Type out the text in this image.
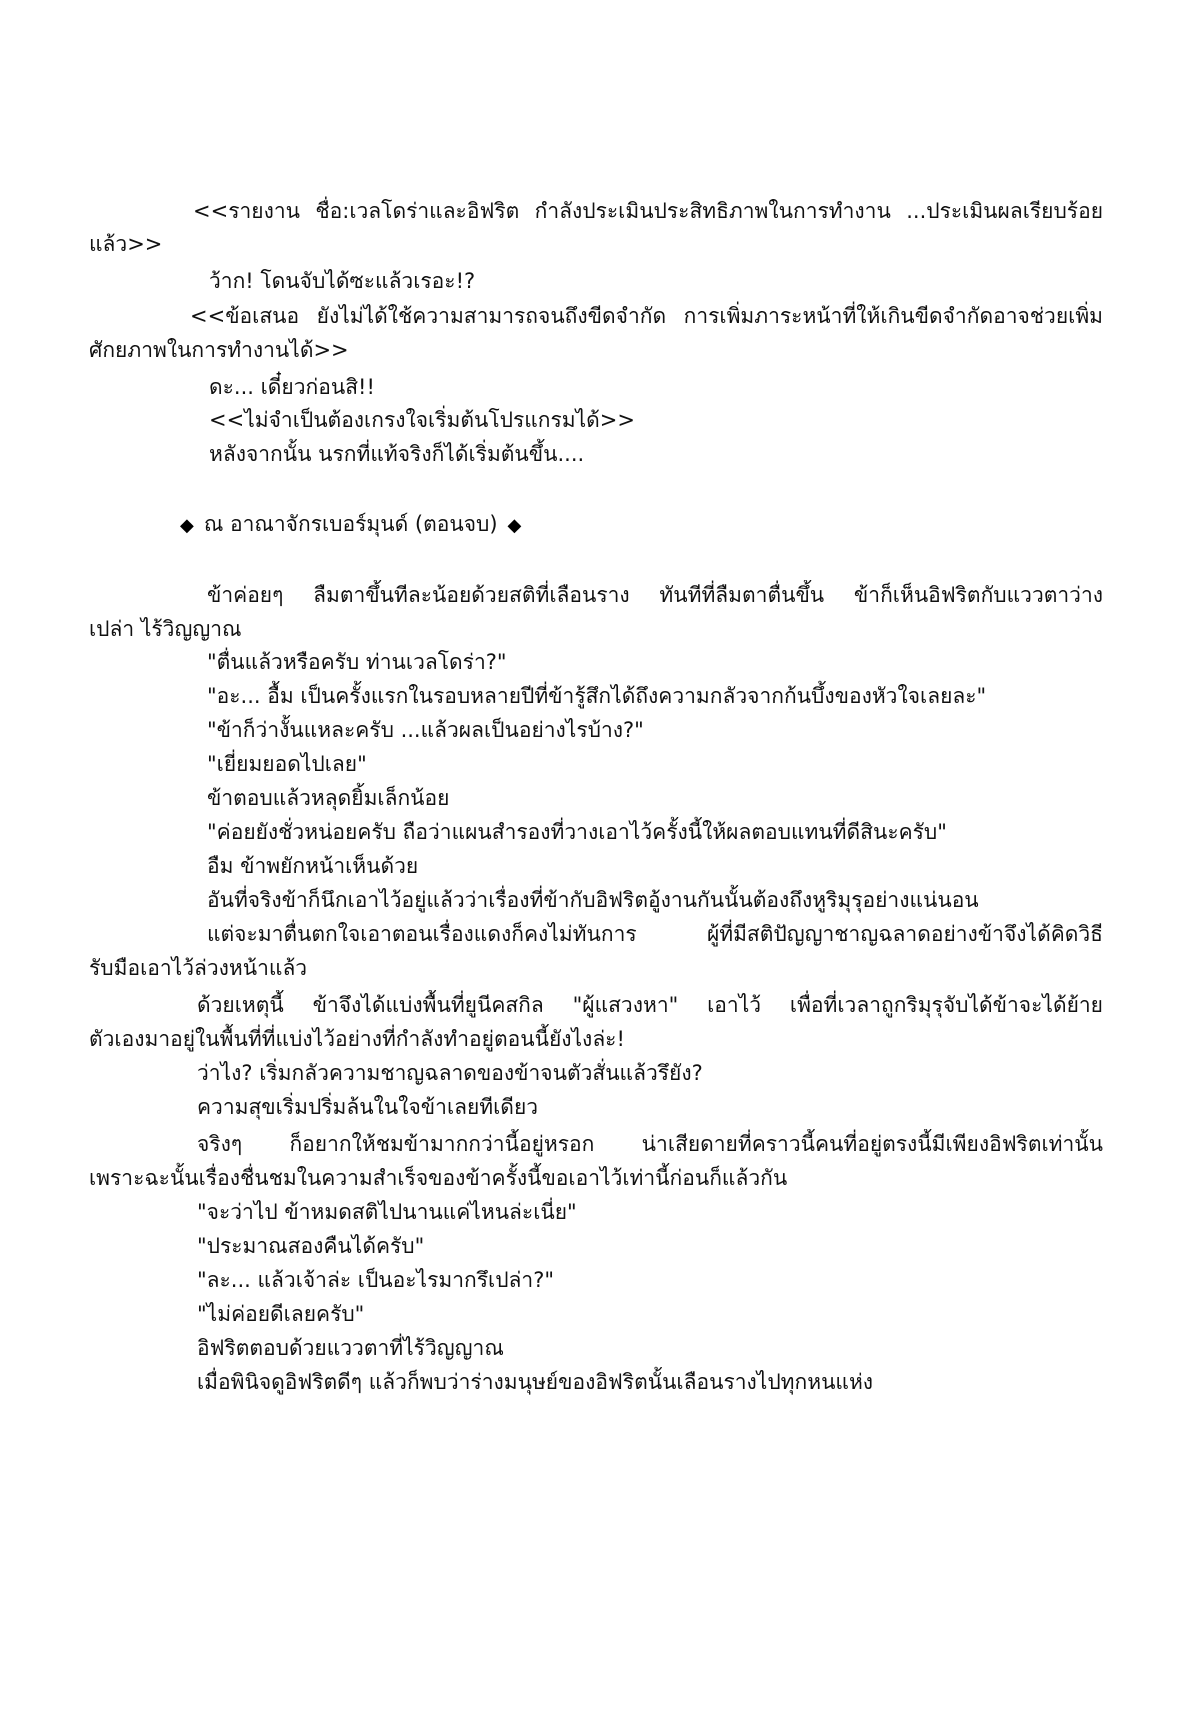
<<รายงาน ชื่อ:เวลโดร่าและอิฟริต กำลังประเมินประสิทธิภาพในการทำงาน ...ประเมินผลเรียบร้อย
แล้ว>>
ว้าก! โดนจับได้ซะแล้วเรอะ!?
<<ข้อเสนอ ยังไม่ได้ใช้ความสามารถจนถึงขีดจำกัด การเพิ่มภาระหน้าที่ให้เกินขีดจำกัดอาจช่วยเพิ่ม
ศักยภาพในการทำงานได้>>
ดะ... เดี๋ยวก่อนสิ!!
<<ไม่จำเป็นต้องเกรงใจเริ่มต้นโปรแกรมได้>>
หลังจากนั้น นรกที่แท้จริงก็ได้เริ่มต้นขึ้น....
◆ ณ อาณาจักรเบอร์มุนด์ (ตอนจบ) ◆
ข้าค่อยๆ ลืมตาขึ้นทีละน้อยด้วยสติที่เลือนราง ทันทีที่ลืมตาตื่นขึ้น ข้าก็เห็นอิฟริตกับแววตาว่าง
เปล่า ไร้วิญญาณ
"ตื่นแล้วหรือครับ ท่านเวลโดร่า?"
"อะ... อื้ม เป็นครั้งแรกในรอบหลายปีที่ข้ารู้สึกได้ถึงความกลัวจากก้นบึ้งของหัวใจเลยละ"
"ข้าก็ว่างั้นแหละครับ ...แล้วผลเป็นอย่างไรบ้าง?"
"เยี่ยมยอดไปเลย"
ข้าตอบแล้วหลุดยิ้มเล็กน้อย
"ค่อยยังชั่วหน่อยครับ ถือว่าแผนสำรองที่วางเอาไว้ครั้งนี้ให้ผลตอบแทนที่ดีสินะครับ"
อืม ข้าพยักหน้าเห็นด้วย
อันที่จริงข้าก็นึกเอาไว้อยู่แล้วว่าเรื่องที่ข้ากับอิฟริตอู้งานกันนั้นต้องถึงหูริมุรุอย่างแน่นอน
แต่จะมาตื่นตกใจเอาตอนเรื่องแดงก็คงไม่ทันการ ผู้ที่มีสติปัญญาชาญฉลาดอย่างข้าจึงได้คิดวิธี
รับมือเอาไว้ล่วงหน้าแล้ว
ด้วยเหตุนี้ ข้าจึงได้แบ่งพื้นที่ยูนีคสกิล "ผู้แสวงหา" เอาไว้ เพื่อที่เวลาถูกริมุรุจับได้ข้าจะได้ย้าย
ตัวเองมาอยู่ในพื้นที่ที่แบ่งไว้อย่างที่กำลังทำอยู่ตอนนี้ยังไงล่ะ!
ว่าไง? เริ่มกลัวความชาญฉลาดของข้าจนตัวสั่นแล้วรึยัง?
ความสุขเริ่มปริ่มล้นในใจข้าเลยทีเดียว
จริงๆ ก็อยากให้ชมข้ามากกว่านี้อยู่หรอก น่าเสียดายที่คราวนี้คนที่อยู่ตรงนี้มีเพียงอิฟริตเท่านั้น
เพราะฉะนั้นเรื่องชื่นชมในความสำเร็จของข้าครั้งนี้ขอเอาไว้เท่านี้ก่อนก็แล้วกัน
"จะว่าไป ข้าหมดสติไปนานแค่ไหนล่ะเนี่ย"
"ประมาณสองคืนได้ครับ"
"ละ... แล้วเจ้าล่ะ เป็นอะไรมากรึเปล่า?"
"ไม่ค่อยดีเลยครับ"
อิฟริตตอบด้วยแววตาที่ไร้วิญญาณ
เมื่อพินิจดูอิฟริตดีๆ แล้วก็พบว่าร่างมนุษย์ของอิฟริตนั้นเลือนรางไปทุกหนแห่ง
